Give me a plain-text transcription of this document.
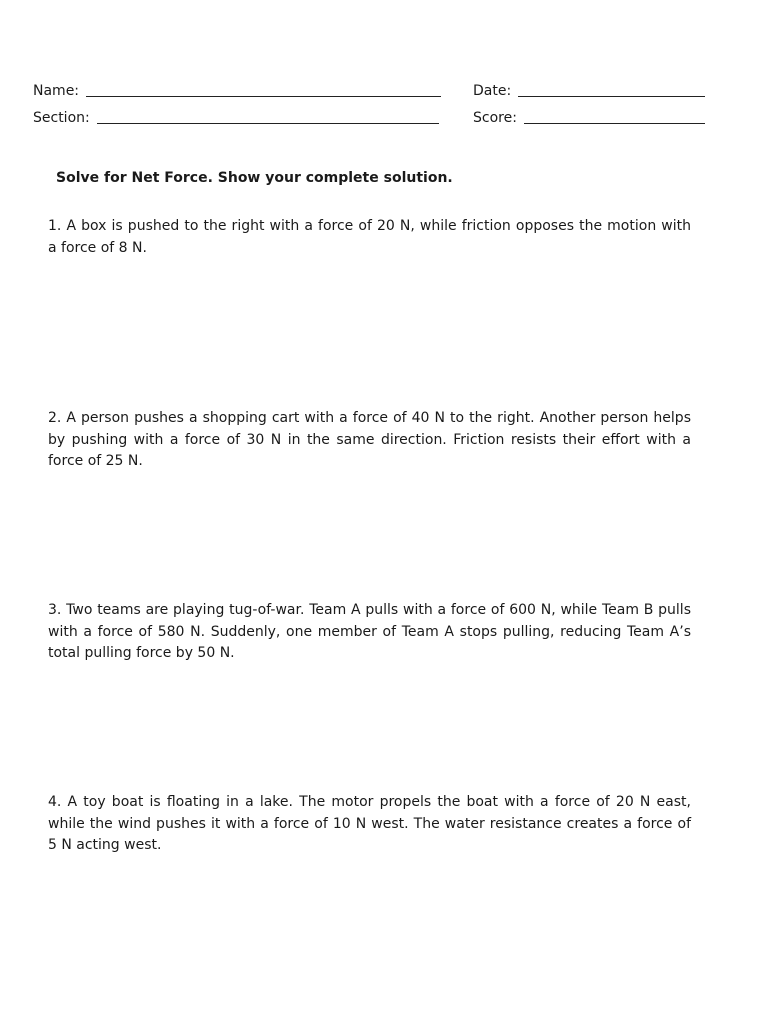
Name:	Date:
Section:	Score:
Solve for Net Force. Show your complete solution.
1. A box is pushed to the right with a force of 20 N, while friction opposes the motion with a force of 8 N.
2. A person pushes a shopping cart with a force of 40 N to the right. Another person helps by pushing with a force of 30 N in the same direction. Friction resists their effort with a force of 25 N.
3. Two teams are playing tug-of-war. Team A pulls with a force of 600 N, while Team B pulls with a force of 580 N. Suddenly, one member of Team A stops pulling, reducing Team A’s total pulling force by 50 N.
4. A toy boat is floating in a lake. The motor propels the boat with a force of 20 N east, while the wind pushes it with a force of 10 N west. The water resistance creates a force of 5 N acting west.
